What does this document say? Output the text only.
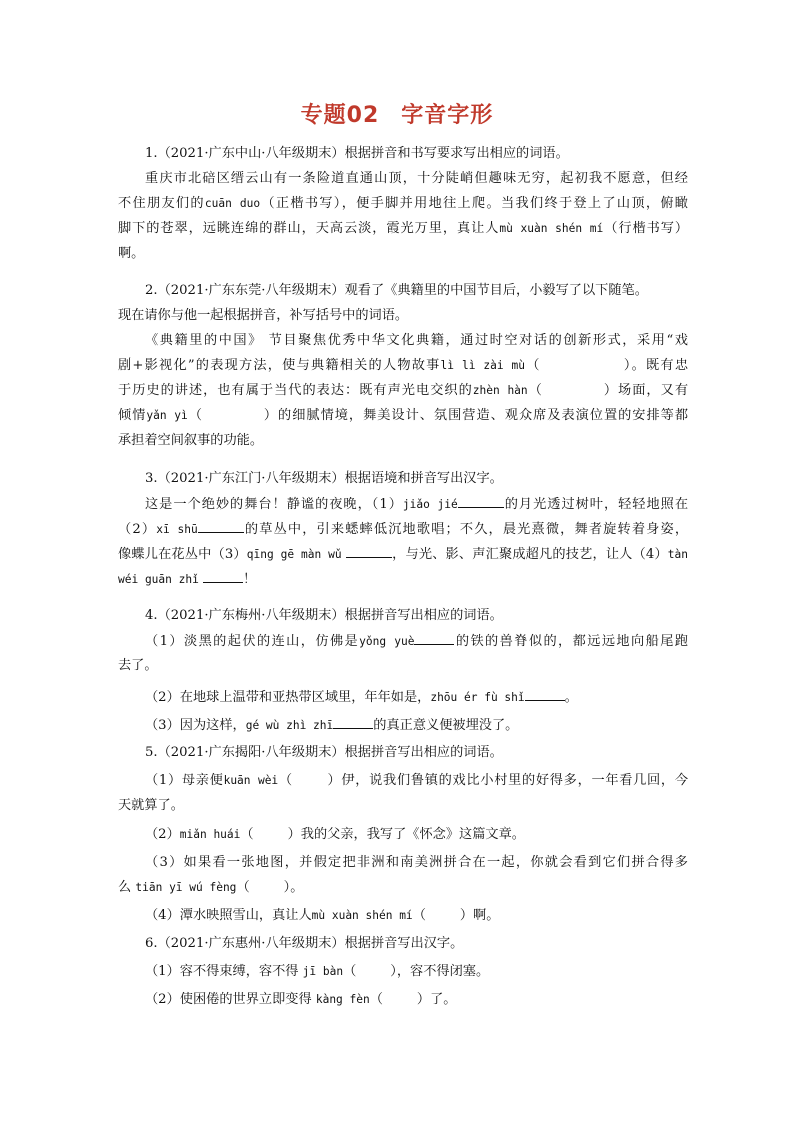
专题02 字音字形
1.（2021·广东中山·八年级期末）根据拼音和书写要求写出相应的词语。
重庆市北碚区缙云山有一条险道直通山顶，十分陡峭但趣味无穷，起初我不愿意，但经
不住朋友们的cuān duo（正楷书写），便手脚并用地往上爬。当我们终于登上了山顶，俯瞰
脚下的苍翠，远眺连绵的群山，天高云淡，霞光万里，真让人mù xuàn shén mí（行楷书写）
啊。
2.（2021·广东东莞·八年级期末）观看了《典籍里的中国节目后，小毅写了以下随笔。
现在请你与他一起根据拼音，补写括号中的词语。
《典籍里的中国》 节目聚焦优秀中华文化典籍，通过时空对话的创新形式，采用“戏
剧+影视化”的表现方法，使与典籍相关的人物故事lì lì zài mù（	）。既有忠
于历史的讲述，也有属于当代的表达：既有声光电交织的zhèn hàn（	）场面，又有
倾情yǎn yì（	）的细腻情境，舞美设计、氛围营造、观众席及表演位置的安排等都
承担着空间叙事的功能。
3.（2021·广东江门·八年级期末）根据语境和拼音写出汉字。
这是一个绝妙的舞台！静谧的夜晚，（1）jiǎo jié	的月光透过树叶，轻轻地照在
（2）xī shū	的草丛中，引来蟋蟀低沉地歌唱；不久，晨光熹微，舞者旋转着身姿，
像蝶儿在花丛中（3）qīng gē màn wǔ	，与光、影、声汇聚成超凡的技艺，让人（4）tàn
wéi guān zhǐ	！
4.（2021·广东梅州·八年级期末）根据拼音写出相应的词语。
（1）淡黑的起伏的连山，仿佛是yǒng yuè	的铁的兽脊似的，都远远地向船尾跑
去了。
（2）在地球上温带和亚热带区域里，年年如是，zhōu ér fù shǐ	。
（3）因为这样，gé wù zhì zhī	的真正意义便被埋没了。
5.（2021·广东揭阳·八年级期末）根据拼音写出相应的词语。
（1）母亲便kuān wèi（	）伊，说我们鲁镇的戏比小村里的好得多，一年看几回，今
天就算了。
（2）miǎn huái（	）我的父亲，我写了《怀念》这篇文章。
（3）如果看一张地图，并假定把非洲和南美洲拼合在一起，你就会看到它们拼合得多
么 tiān yī wú fèng（	）。
（4）潭水映照雪山，真让人mù xuàn shén mí（	）啊。
6.（2021·广东惠州·八年级期末）根据拼音写出汉字。
（1）容不得束缚，容不得 jī bàn（	），容不得闭塞。
（2）使困倦的世界立即变得 kàng fèn（	）了。
